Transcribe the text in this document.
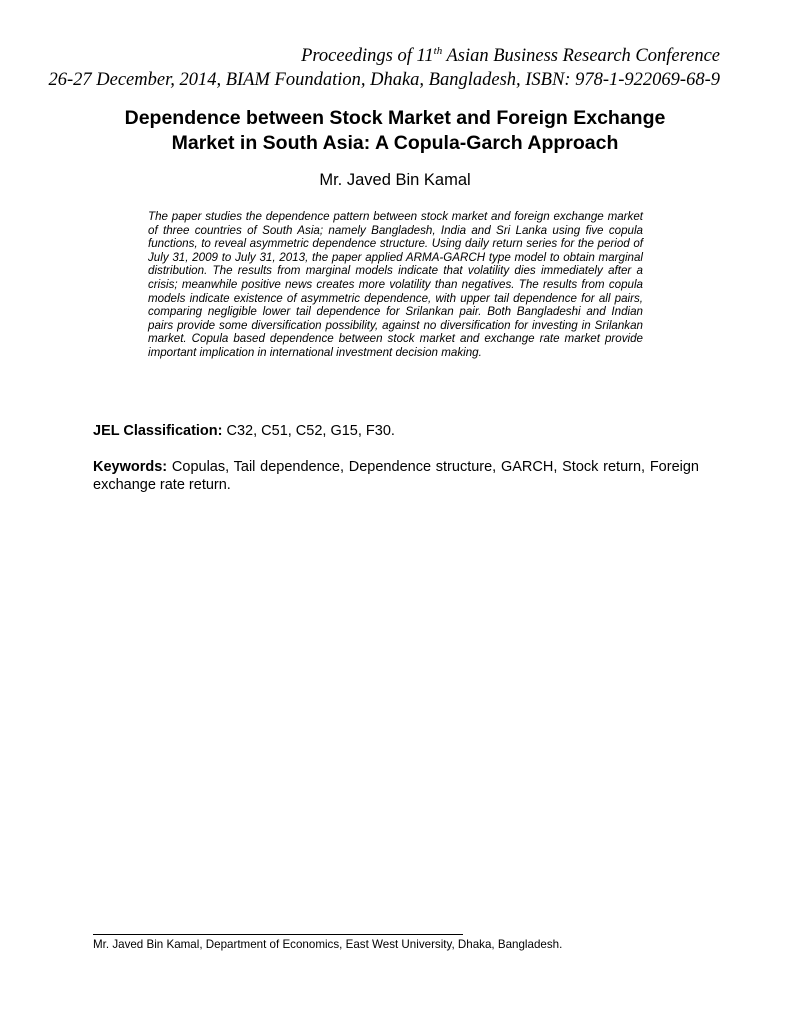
Proceedings of 11th Asian Business Research Conference
26-27 December, 2014, BIAM Foundation, Dhaka, Bangladesh, ISBN: 978-1-922069-68-9
Dependence between Stock Market and Foreign Exchange
Market in South Asia: A Copula-Garch Approach
Mr. Javed Bin Kamal
The paper studies the dependence pattern between stock market and foreign exchange market of three countries of South Asia; namely Bangladesh, India and Sri Lanka using five copula functions, to reveal asymmetric dependence structure. Using daily return series for the period of July 31, 2009 to July 31, 2013, the paper applied ARMA-GARCH type model to obtain marginal distribution. The results from marginal models indicate that volatility dies immediately after a crisis; meanwhile positive news creates more volatility than negatives. The results from copula models indicate existence of asymmetric dependence, with upper tail dependence for all pairs, comparing negligible lower tail dependence for Srilankan pair. Both Bangladeshi and Indian pairs provide some diversification possibility, against no diversification for investing in Srilankan market. Copula based dependence between stock market and exchange rate market provide important implication in international investment decision making.
JEL Classification: C32, C51, C52, G15, F30.
Keywords: Copulas, Tail dependence, Dependence structure, GARCH, Stock return, Foreign exchange rate return.
Mr. Javed Bin Kamal, Department of Economics, East West University, Dhaka, Bangladesh.
